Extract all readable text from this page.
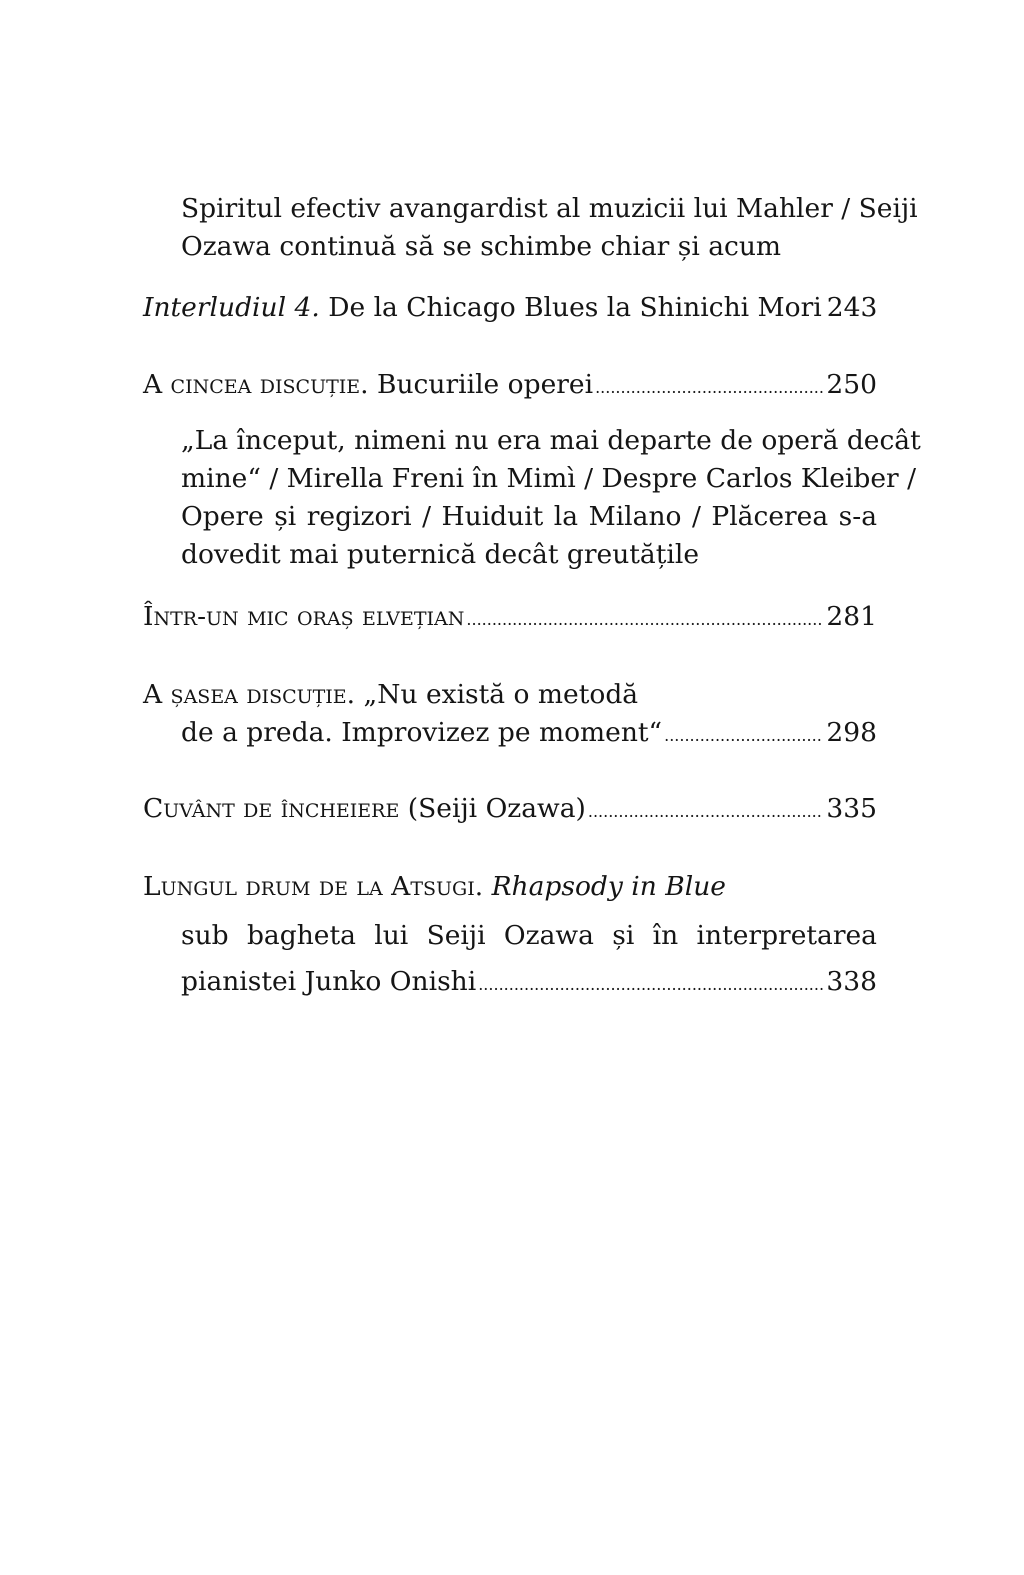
Spiritul efectiv avangardist al muzicii lui Mahler / Seiji
Ozawa continuă să se schimbe chiar și acum
Interludiul 4.
De la Chicago Blues la Shinichi Mori 243
A cincea discuție.
Bucuriile operei .....	250
„La început, nimeni nu era mai departe de operă decât
mine“ / Mirella Freni în Mimì / Despre Carlos Kleiber /
Opere și regizori / Huiduit la Milano / Plăcerea s-a
dovedit mai puternică decât greutățile
Într-un mic oraș elvețian .....	281
A șasea discuție. „Nu există o metodă
de a preda. Improvizez pe moment“ .....	298
Cuvânt de încheiere
(Seiji Ozawa) .....	335
Lungul drum de la Atsugi. Rhapsody in Blue
sub bagheta lui Seiji Ozawa și în interpretarea
pianistei Junko Onishi .....	338
